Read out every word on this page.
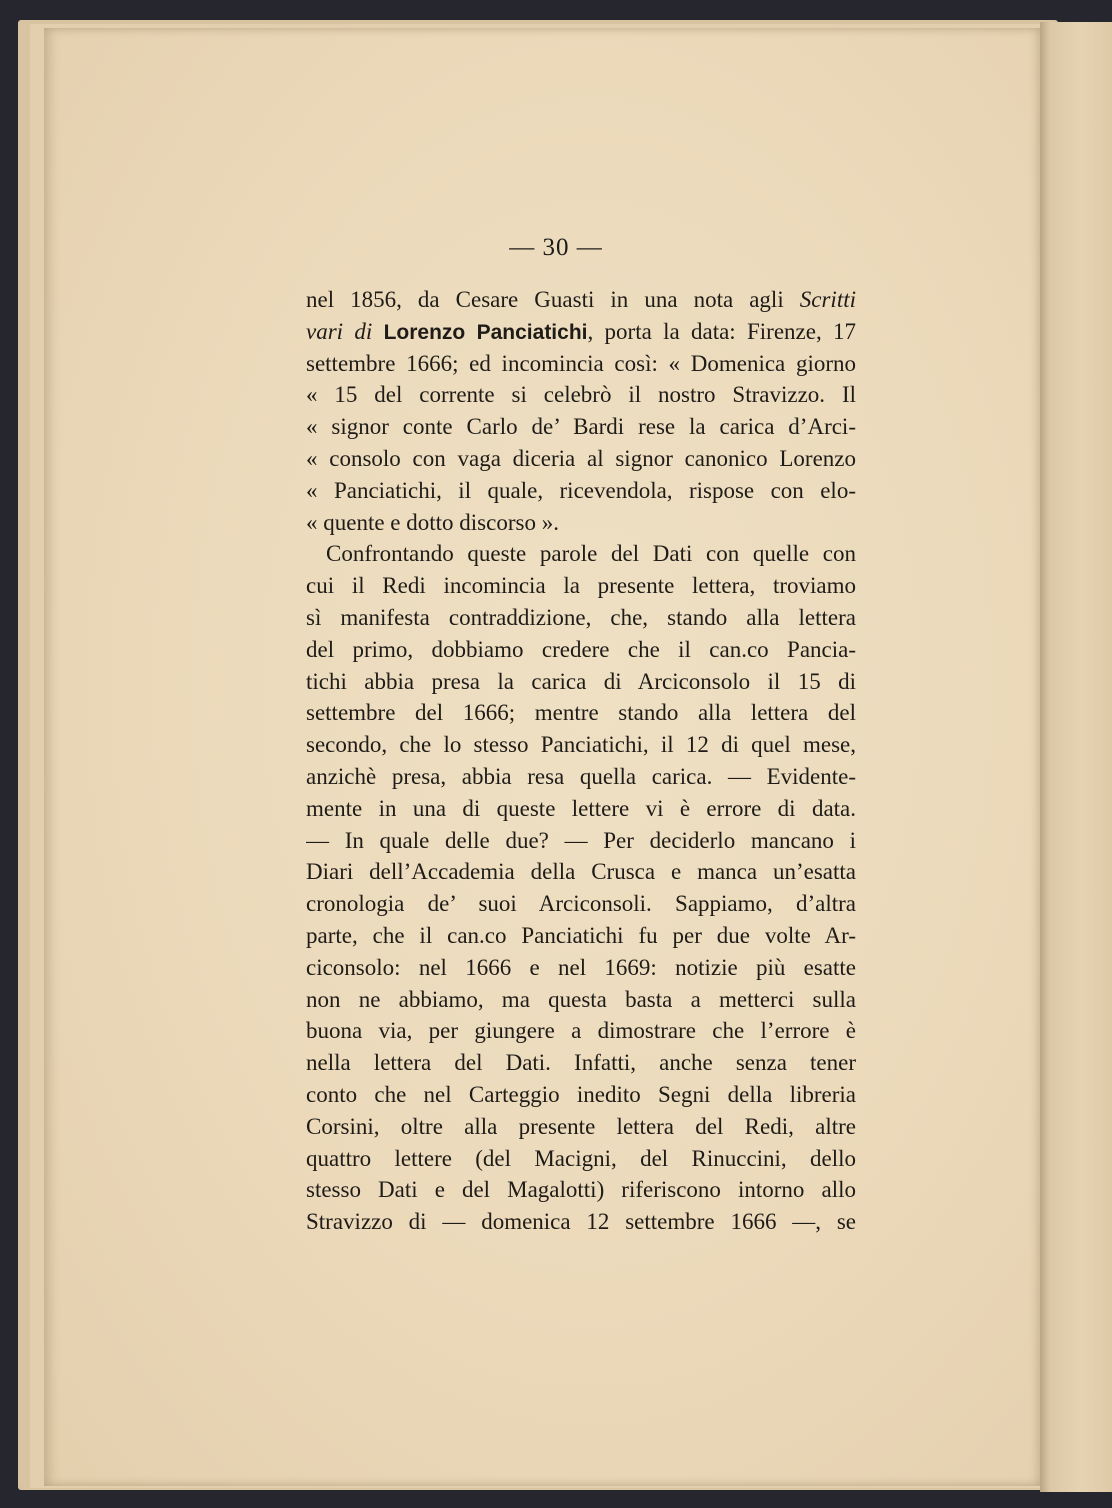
— 30 —
nel 1856, da Cesare Guasti in una nota agli Scritti
vari di Lorenzo Panciatichi, porta la data: Firenze, 17
settembre 1666; ed incomincia così: « Domenica giorno
« 15 del corrente si celebrò il nostro Stravizzo. Il
« signor conte Carlo de’ Bardi rese la carica d’Arci-
« consolo con vaga diceria al signor canonico Lorenzo
« Panciatichi, il quale, ricevendola, rispose con elo-
« quente e dotto discorso ».
Confrontando queste parole del Dati con quelle con
cui il Redi incomincia la presente lettera, troviamo
sì manifesta contraddizione, che, stando alla lettera
del primo, dobbiamo credere che il can.co Pancia-
tichi abbia presa la carica di Arciconsolo il 15 di
settembre del 1666; mentre stando alla lettera del
secondo, che lo stesso Panciatichi, il 12 di quel mese,
anzichè presa, abbia resa quella carica. — Evidente-
mente in una di queste lettere vi è errore di data.
— In quale delle due? — Per deciderlo mancano i
Diari dell’Accademia della Crusca e manca un’esatta
cronologia de’ suoi Arciconsoli. Sappiamo, d’altra
parte, che il can.co Panciatichi fu per due volte Ar-
ciconsolo: nel 1666 e nel 1669: notizie più esatte
non ne abbiamo, ma questa basta a metterci sulla
buona via, per giungere a dimostrare che l’errore è
nella lettera del Dati. Infatti, anche senza tener
conto che nel Carteggio inedito Segni della libreria
Corsini, oltre alla presente lettera del Redi, altre
quattro lettere (del Macigni, del Rinuccini, dello
stesso Dati e del Magalotti) riferiscono intorno allo
Stravizzo di — domenica 12 settembre 1666 —, se
